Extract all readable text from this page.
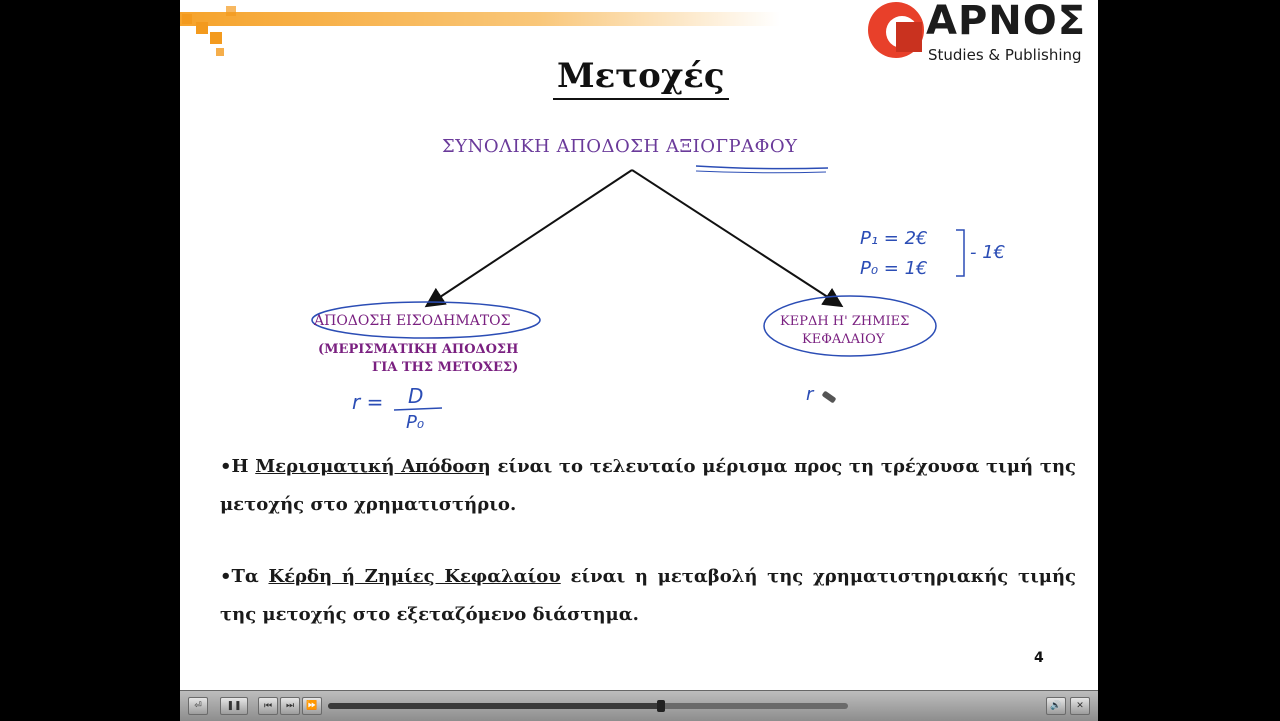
ΑΡΝΟΣ
Studies & Publishing
Μετοχές
ΣΥΝΟΛΙΚΗ ΑΠΟΔΟΣΗ ΑΞΙΟΓΡΑΦΟΥ
ΑΠΟΔΟΣΗ ΕΙΣΟΔΗΜΑΤΟΣ
(ΜΕΡΙΣΜΑΤΙΚΗ ΑΠΟΔΟΣΗ
ΓΙΑ ΤΗΣ ΜΕΤΟΧΕΣ)
ΚΕΡΔΗ Η' ΖΗΜΙΕΣ
ΚΕΦΑΛΑΙΟΥ
r = D
P₀
P₁ = 2€
P₀ = 1€
- 1€
r
•Η Μερισματική Απόδοση είναι το τελευταίο μέρισμα προς τη τρέχουσα τιμή της μετοχής στο χρηματιστήριο.
•Τα Κέρδη ή Ζημίες Κεφαλαίου είναι η μεταβολή της χρηματιστηριακής τιμής της μετοχής στο εξεταζόμενο διάστημα.
4
⏎	❚❚	⏮	⏭	⏩	🔊	✕
